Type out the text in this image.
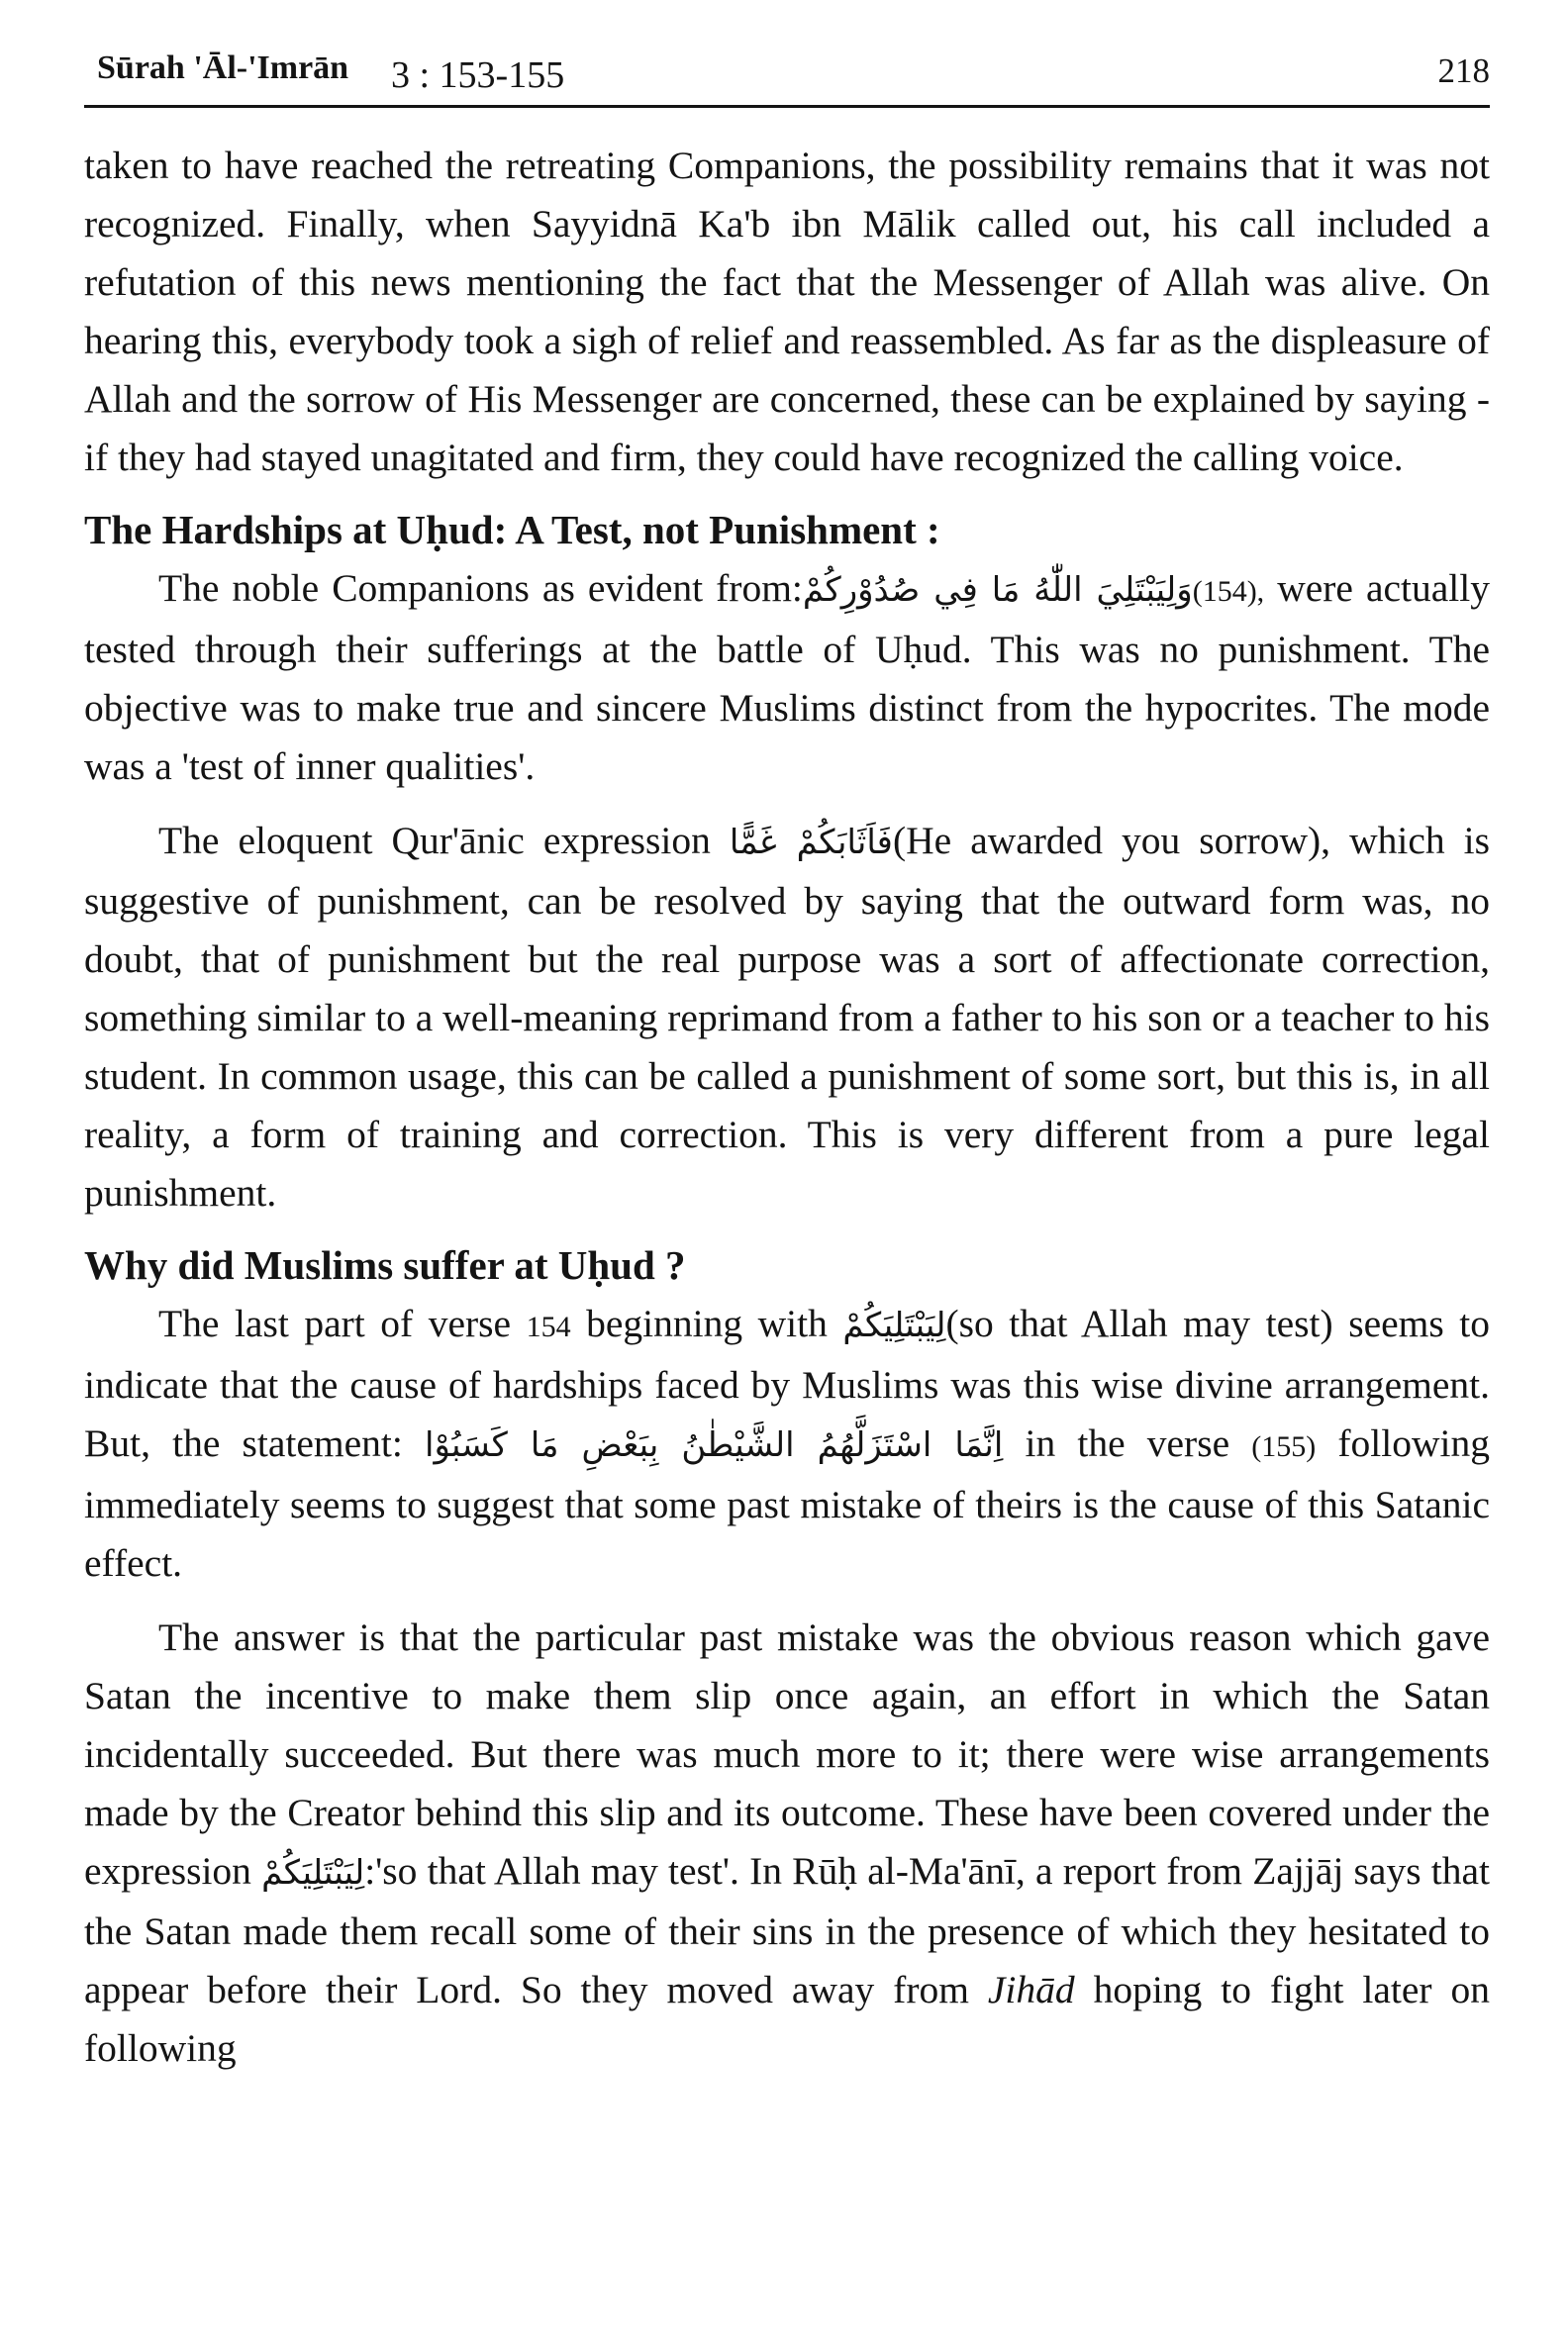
Sūrah 'Āl-'Imrān 3 : 153-155	218

taken to have reached the retreating Companions, the possibility remains that it was not recognized. Finally, when Sayyidnā Ka'b ibn Mālik called out, his call included a refutation of this news mentioning the fact that the Messenger of Allah was alive. On hearing this, everybody took a sigh of relief and reassembled. As far as the displeasure of Allah and the sorrow of His Messenger are concerned, these can be explained by saying - if they had stayed unagitated and firm, they could have recognized the calling voice.

The Hardships at Uḥud: A Test, not Punishment :

The noble Companions as evident from:وَلِيَبْتَلِيَ اللّٰهُ مَا فِي صُدُوْرِكُمْ(154), were actually tested through their sufferings at the battle of Uḥud. This was no punishment. The objective was to make true and sincere Muslims distinct from the hypocrites. The mode was a 'test of inner qualities'.

The eloquent Qur'ānic expression فَاَثَابَكُمْ غَمًّا(He awarded you sorrow), which is suggestive of punishment, can be resolved by saying that the outward form was, no doubt, that of punishment but the real purpose was a sort of affectionate correction, something similar to a well-meaning reprimand from a father to his son or a teacher to his student. In common usage, this can be called a punishment of some sort, but this is, in all reality, a form of training and correction. This is very different from a pure legal punishment.

Why did Muslims suffer at Uḥud ?

The last part of verse 154 beginning with لِيَبْتَلِيَكُمْ(so that Allah may test) seems to indicate that the cause of hardships faced by Muslims was this wise divine arrangement. But, the statement: اِنَّمَا اسْتَزَلَّهُمُ الشَّيْطٰنُ بِبَعْضِ مَا كَسَبُوْا in the verse (155) following immediately seems to suggest that some past mistake of theirs is the cause of this Satanic effect.

The answer is that the particular past mistake was the obvious reason which gave Satan the incentive to make them slip once again, an effort in which the Satan incidentally succeeded. But there was much more to it; there were wise arrangements made by the Creator behind this slip and its outcome. These have been covered under the expression لِيَبْتَلِيَكُمْ:'so that Allah may test'. In Rūḥ al-Ma'ānī, a report from Zajjāj says that the Satan made them recall some of their sins in the presence of which they hesitated to appear before their Lord. So they moved away from Jihād hoping to fight later on following
